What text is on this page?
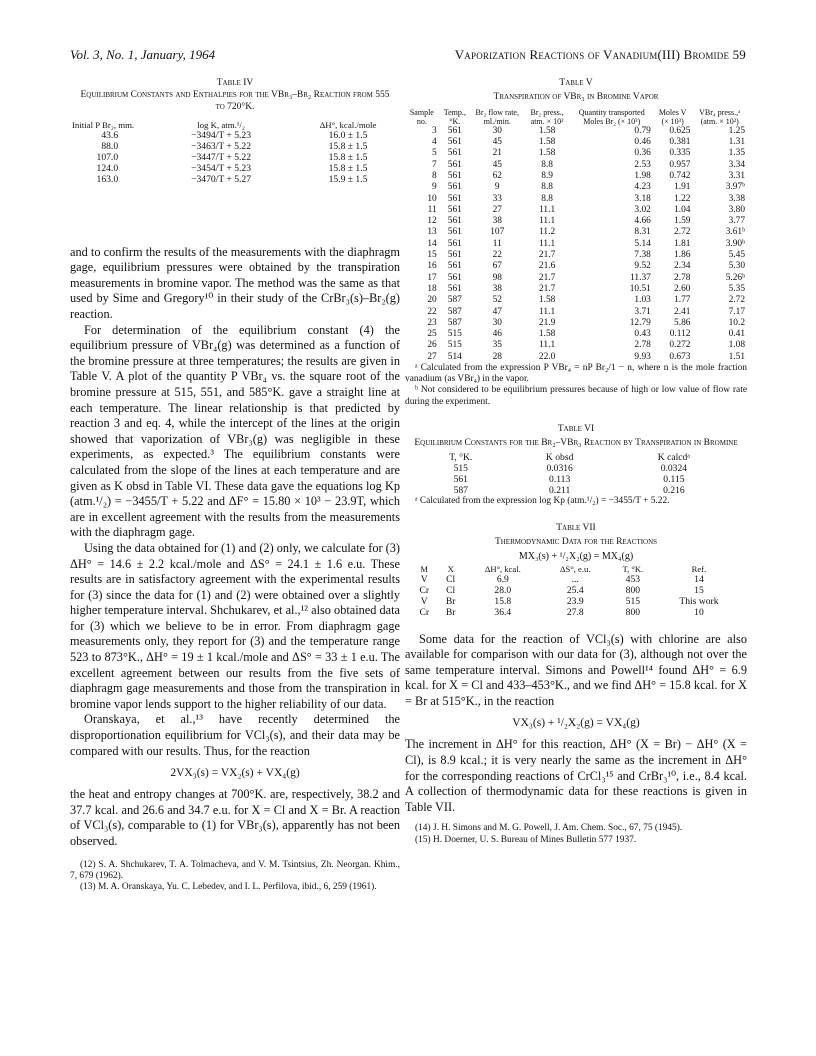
Vol. 3, No. 1, January, 1964	Vaporization Reactions of Vanadium(III) Bromide 59

Table IV

Equilibrium Constants and Enthalpies for the VBr₃–Br₂ Reaction from 555 to 720°K.

Initial P Br₂, mm.	log K, atm.¹/₂	ΔH°, kcal./mole
43.6	−3494/T + 5.23	16.0 ± 1.5
88.0	−3463/T + 5.22	15.8 ± 1.5
107.0	−3447/T + 5.22	15.8 ± 1.5
124.0	−3454/T + 5.23	15.8 ± 1.5
163.0	−3470/T + 5.27	15.9 ± 1.5

and to confirm the results of the measurements with the diaphragm gage, equilibrium pressures were obtained by the transpiration measurements in bromine vapor. The method was the same as that used by Sime and Gregory¹⁰ in their study of the CrBr₃(s)–Br₂(g) reaction.

For determination of the equilibrium constant (4) the equilibrium pressure of VBr₄(g) was determined as a function of the bromine pressure at three temperatures; the results are given in Table V. A plot of the quantity P VBr₄ vs. the square root of the bromine pressure at 515, 551, and 585°K. gave a straight line at each temperature. The linear relationship is that predicted by reaction 3 and eq. 4, while the intercept of the lines at the origin showed that vaporization of VBr₃(g) was negligible in these experiments, as expected.³ The equilibrium constants were calculated from the slope of the lines at each temperature and are given as K obsd in Table VI. These data gave the equations log Kp (atm.¹/₂) = −3455/T + 5.22 and ΔF° = 15.80 × 10³ − 23.9T, which are in excellent agreement with the results from the measurements with the diaphragm gage.

Using the data obtained for (1) and (2) only, we calculate for (3) ΔH° = 14.6 ± 2.2 kcal./mole and ΔS° = 24.1 ± 1.6 e.u. These results are in satisfactory agreement with the experimental results for (3) since the data for (1) and (2) were obtained over a slightly higher temperature interval. Shchukarev, et al.,¹² also obtained data for (3) which we believe to be in error. From diaphragm gage measurements only, they report for (3) and the temperature range 523 to 873°K., ΔH° = 19 ± 1 kcal./mole and ΔS° = 33 ± 1 e.u. The excellent agreement between our results from the five sets of diaphragm gage measurements and those from the transpiration in bromine vapor lends support to the higher reliability of our data.

Oranskaya, et al.,¹³ have recently determined the disproportionation equilibrium for VCl₃(s), and their data may be compared with our results. Thus, for the reaction

2VX₃(s) = VX₂(s) + VX₄(g)

the heat and entropy changes at 700°K. are, respectively, 38.2 and 37.7 kcal. and 26.6 and 34.7 e.u. for X = Cl and X = Br. A reaction of VCl₃(s), comparable to (1) for VBr₃(s), apparently has not been observed.

(12) S. A. Shchukarev, T. A. Tolmacheva, and V. M. Tsintsius, Zh. Neorgan. Khim., 7, 679 (1962).

(13) M. A. Oranskaya, Yu. C. Lebedev, and I. L. Perfilova, ibid., 6, 259 (1961).

Table V

Transpiration of VBr₃ in Bromine Vapor

Sample no.	Temp., °K.	Br₂ flow rate, ml./min.	Br₂ press., atm. × 10²	Quantity transported Moles Br₂ (× 10³)	Moles V (× 10³)	VBr₄ press.,ᵃ (atm. × 10²)
3	561	30	1.58	0.79	0.625	1.25
4	561	45	1.58	0.46	0.381	1.31
5	561	21	1.58	0.36	0.335	1.35
7	561	45	8.8	2.53	0.957	3.34
8	561	62	8.9	1.98	0.742	3.31
9	561	9	8.8	4.23	1.91	3.97ᵇ
10	561	33	8.8	3.18	1.22	3.38
11	561	27	11.1	3.02	1.04	3.80
12	561	38	11.1	4.66	1.59	3.77
13	561	107	11.2	8.31	2.72	3.61ᵇ
14	561	11	11.1	5.14	1.81	3.90ᵇ
15	561	22	21.7	7.38	1.86	5.45
16	561	67	21.6	9.52	2.34	5.30
17	561	98	21.7	11.37	2.78	5.26ᵇ
18	561	38	21.7	10.51	2.60	5.35
20	587	52	1.58	1.03	1.77	2.72
22	587	47	11.1	3.71	2.41	7.17
23	587	30	21.9	12.79	5.86	10.2
25	515	46	1.58	0.43	0.112	0.41
26	515	35	11.1	2.78	0.272	1.08
27	514	28	22.0	9.93	0.673	1.51

ᵃ Calculated from the expression P VBr₄ = nP Br₂/1 − n, where n is the mole fraction vanadium (as VBr₄) in the vapor.

ᵇ Not considered to be equilibrium pressures because of high or low value of flow rate during the experiment.

Table VI

Equilibrium Constants for the Br₂–VBr₃ Reaction by Transpiration in Bromine

T, °K.	K obsd	K calcdᵃ
515	0.0316	0.0324
561	0.113	0.115
587	0.211	0.216

ᵃ Calculated from the expression log Kp (atm.¹/₂) = −3455/T + 5.22.

Table VII

Thermodynamic Data for the Reactions

MX₃(s) + ¹/₂X₂(g) = MX₄(g)

M	X	ΔH°, kcal.	ΔS°, e.u.	T, °K.	Ref.
V	Cl	6.9	...	453	14
Cr	Cl	28.0	25.4	800	15
V	Br	15.8	23.9	515	This work
Cr	Br	36.4	27.8	800	10

Some data for the reaction of VCl₃(s) with chlorine are also available for comparison with our data for (3), although not over the same temperature interval. Simons and Powell¹⁴ found ΔH° = 6.9 kcal. for X = Cl and 433–453°K., and we find ΔH° = 15.8 kcal. for X = Br at 515°K., in the reaction

VX₃(s) + ¹/₂X₂(g) = VX₄(g)

The increment in ΔH° for this reaction, ΔH° (X = Br) − ΔH° (X = Cl), is 8.9 kcal.; it is very nearly the same as the increment in ΔH° for the corresponding reactions of CrCl₃¹⁵ and CrBr₃¹⁰, i.e., 8.4 kcal. A collection of thermodynamic data for these reactions is given in Table VII.

(14) J. H. Simons and M. G. Powell, J. Am. Chem. Soc., 67, 75 (1945).

(15) H. Doerner, U. S. Bureau of Mines Bulletin 577 1937.
